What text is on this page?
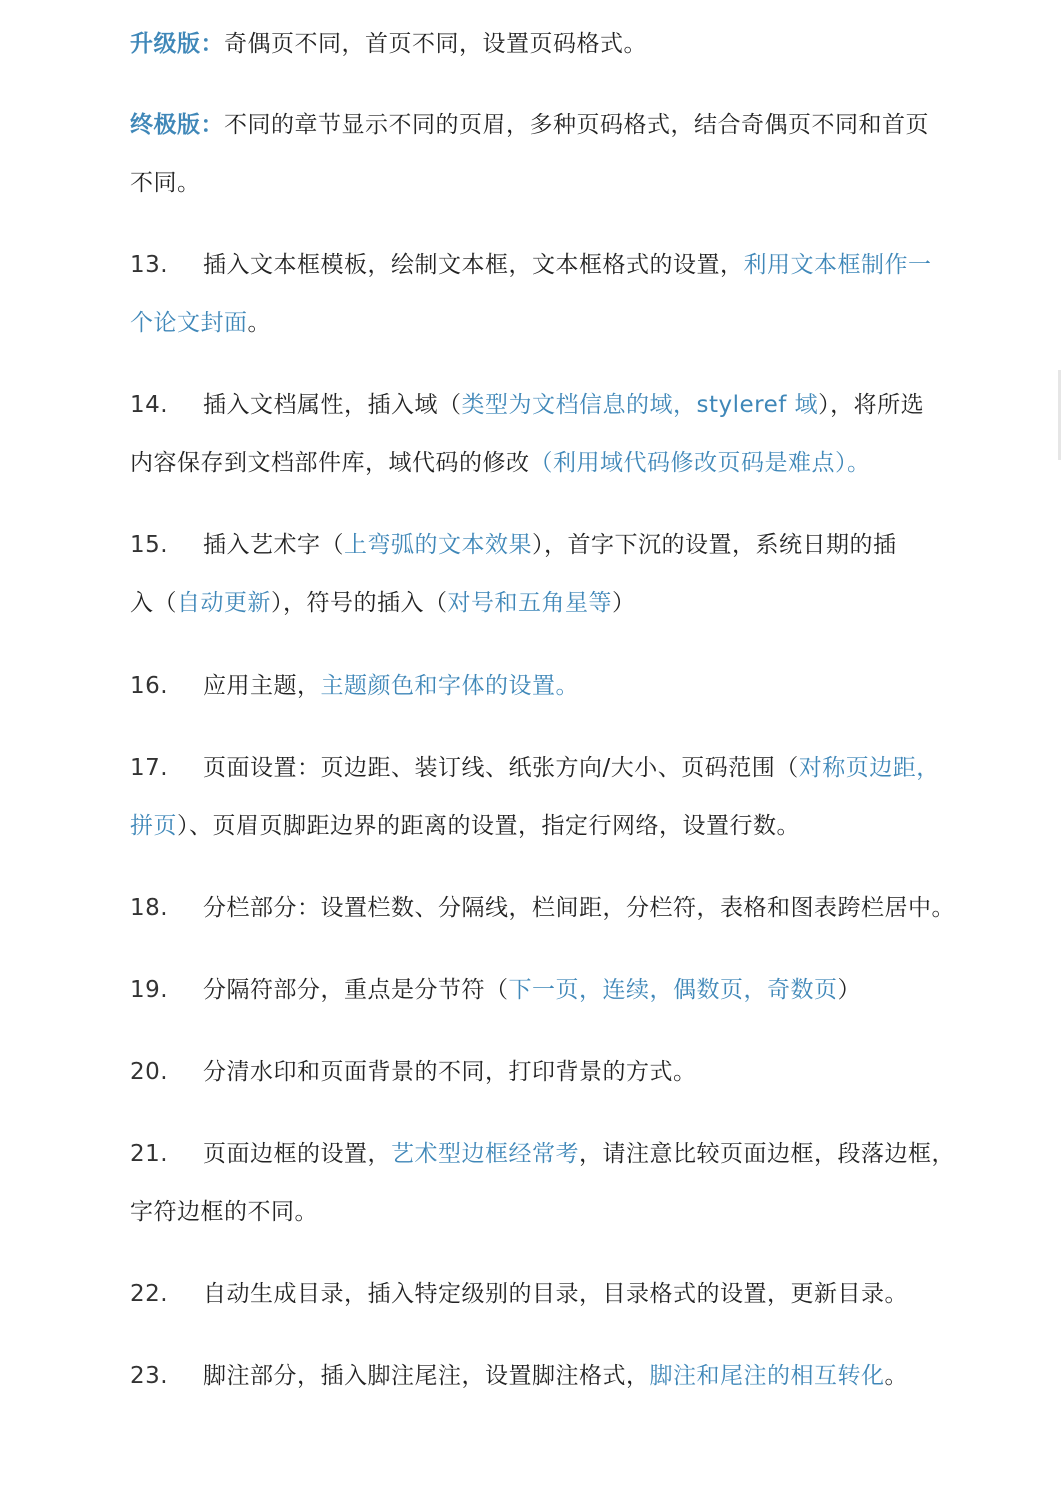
升级版：奇偶页不同，首页不同，设置页码格式。

终极版：不同的章节显示不同的页眉，多种页码格式，结合奇偶页不同和首页
不同。

13. 插入文本框模板，绘制文本框，文本框格式的设置，利用文本框制作一
个论文封面。

14. 插入文档属性，插入域（类型为文档信息的域，styleref 域），将所选
内容保存到文档部件库，域代码的修改（利用域代码修改页码是难点）。

15. 插入艺术字（上弯弧的文本效果），首字下沉的设置，系统日期的插
入（自动更新），符号的插入（对号和五角星等）

16. 应用主题，主题颜色和字体的设置。

17. 页面设置：页边距、装订线、纸张方向/大小、页码范围（对称页边距，
拼页）、页眉页脚距边界的距离的设置，指定行网络，设置行数。

18. 分栏部分：设置栏数、分隔线，栏间距，分栏符，表格和图表跨栏居中。

19. 分隔符部分，重点是分节符（下一页，连续，偶数页，奇数页）

20. 分清水印和页面背景的不同，打印背景的方式。

21. 页面边框的设置，艺术型边框经常考，请注意比较页面边框，段落边框，
字符边框的不同。

22. 自动生成目录，插入特定级别的目录，目录格式的设置，更新目录。

23. 脚注部分，插入脚注尾注，设置脚注格式，脚注和尾注的相互转化。
